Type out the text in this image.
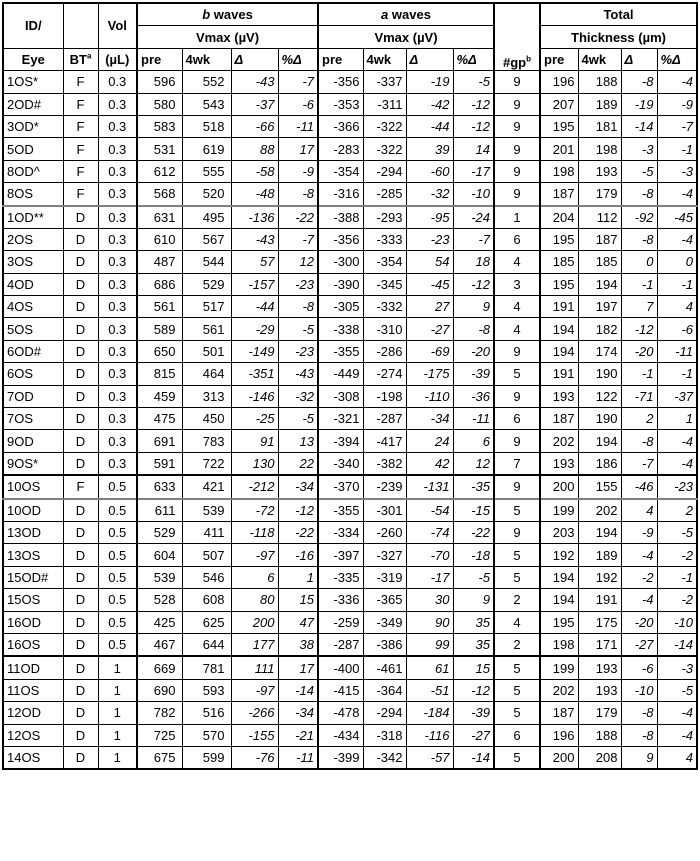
ID/		Vol	b waves				a waves				$\#gp^b$	Total			
			Vmax (µV)				Vmax (µV)					Thickness (µm)			
Eye	$BT^a$	(µL)	pre	4wk	Δ	%Δ	pre	4wk	Δ	%Δ		pre	4wk	Δ	%Δ
1OS*	F	0.3	596	552	-43	-7	-356	-337	-19	-5	9	196	188	-8	-4
2OD#	F	0.3	580	543	-37	-6	-353	-311	-42	-12	9	207	189	-19	-9
3OD*	F	0.3	583	518	-66	-11	-366	-322	-44	-12	9	195	181	-14	-7
5OD	F	0.3	531	619	88	17	-283	-322	39	14	9	201	198	-3	-1
8OD^	F	0.3	612	555	-58	-9	-354	-294	-60	-17	9	198	193	-5	-3
8OS	F	0.3	568	520	-48	-8	-316	-285	-32	-10	9	187	179	-8	-4
1OD**	D	0.3	631	495	-136	-22	-388	-293	-95	-24	1	204	112	-92	-45
2OS	D	0.3	610	567	-43	-7	-356	-333	-23	-7	6	195	187	-8	-4
3OS	D	0.3	487	544	57	12	-300	-354	54	18	4	185	185	0	0
4OD	D	0.3	686	529	-157	-23	-390	-345	-45	-12	3	195	194	-1	-1
4OS	D	0.3	561	517	-44	-8	-305	-332	27	9	4	191	197	7	4
5OS	D	0.3	589	561	-29	-5	-338	-310	-27	-8	4	194	182	-12	-6
6OD#	D	0.3	650	501	-149	-23	-355	-286	-69	-20	9	194	174	-20	-11
6OS	D	0.3	815	464	-351	-43	-449	-274	-175	-39	5	191	190	-1	-1
7OD	D	0.3	459	313	-146	-32	-308	-198	-110	-36	9	193	122	-71	-37
7OS	D	0.3	475	450	-25	-5	-321	-287	-34	-11	6	187	190	2	1
9OD	D	0.3	691	783	91	13	-394	-417	24	6	9	202	194	-8	-4
9OS*	D	0.3	591	722	130	22	-340	-382	42	12	7	193	186	-7	-4
10OS	F	0.5	633	421	-212	-34	-370	-239	-131	-35	9	200	155	-46	-23
10OD	D	0.5	611	539	-72	-12	-355	-301	-54	-15	5	199	202	4	2
13OD	D	0.5	529	411	-118	-22	-334	-260	-74	-22	9	203	194	-9	-5
13OS	D	0.5	604	507	-97	-16	-397	-327	-70	-18	5	192	189	-4	-2
15OD#	D	0.5	539	546	6	1	-335	-319	-17	-5	5	194	192	-2	-1
15OS	D	0.5	528	608	80	15	-336	-365	30	9	2	194	191	-4	-2
16OD	D	0.5	425	625	200	47	-259	-349	90	35	4	195	175	-20	-10
16OS	D	0.5	467	644	177	38	-287	-386	99	35	2	198	171	-27	-14
11OD	D	1	669	781	111	17	-400	-461	61	15	5	199	193	-6	-3
11OS	D	1	690	593	-97	-14	-415	-364	-51	-12	5	202	193	-10	-5
12OD	D	1	782	516	-266	-34	-478	-294	-184	-39	5	187	179	-8	-4
12OS	D	1	725	570	-155	-21	-434	-318	-116	-27	6	196	188	-8	-4
14OS	D	1	675	599	-76	-11	-399	-342	-57	-14	5	200	208	9	4
